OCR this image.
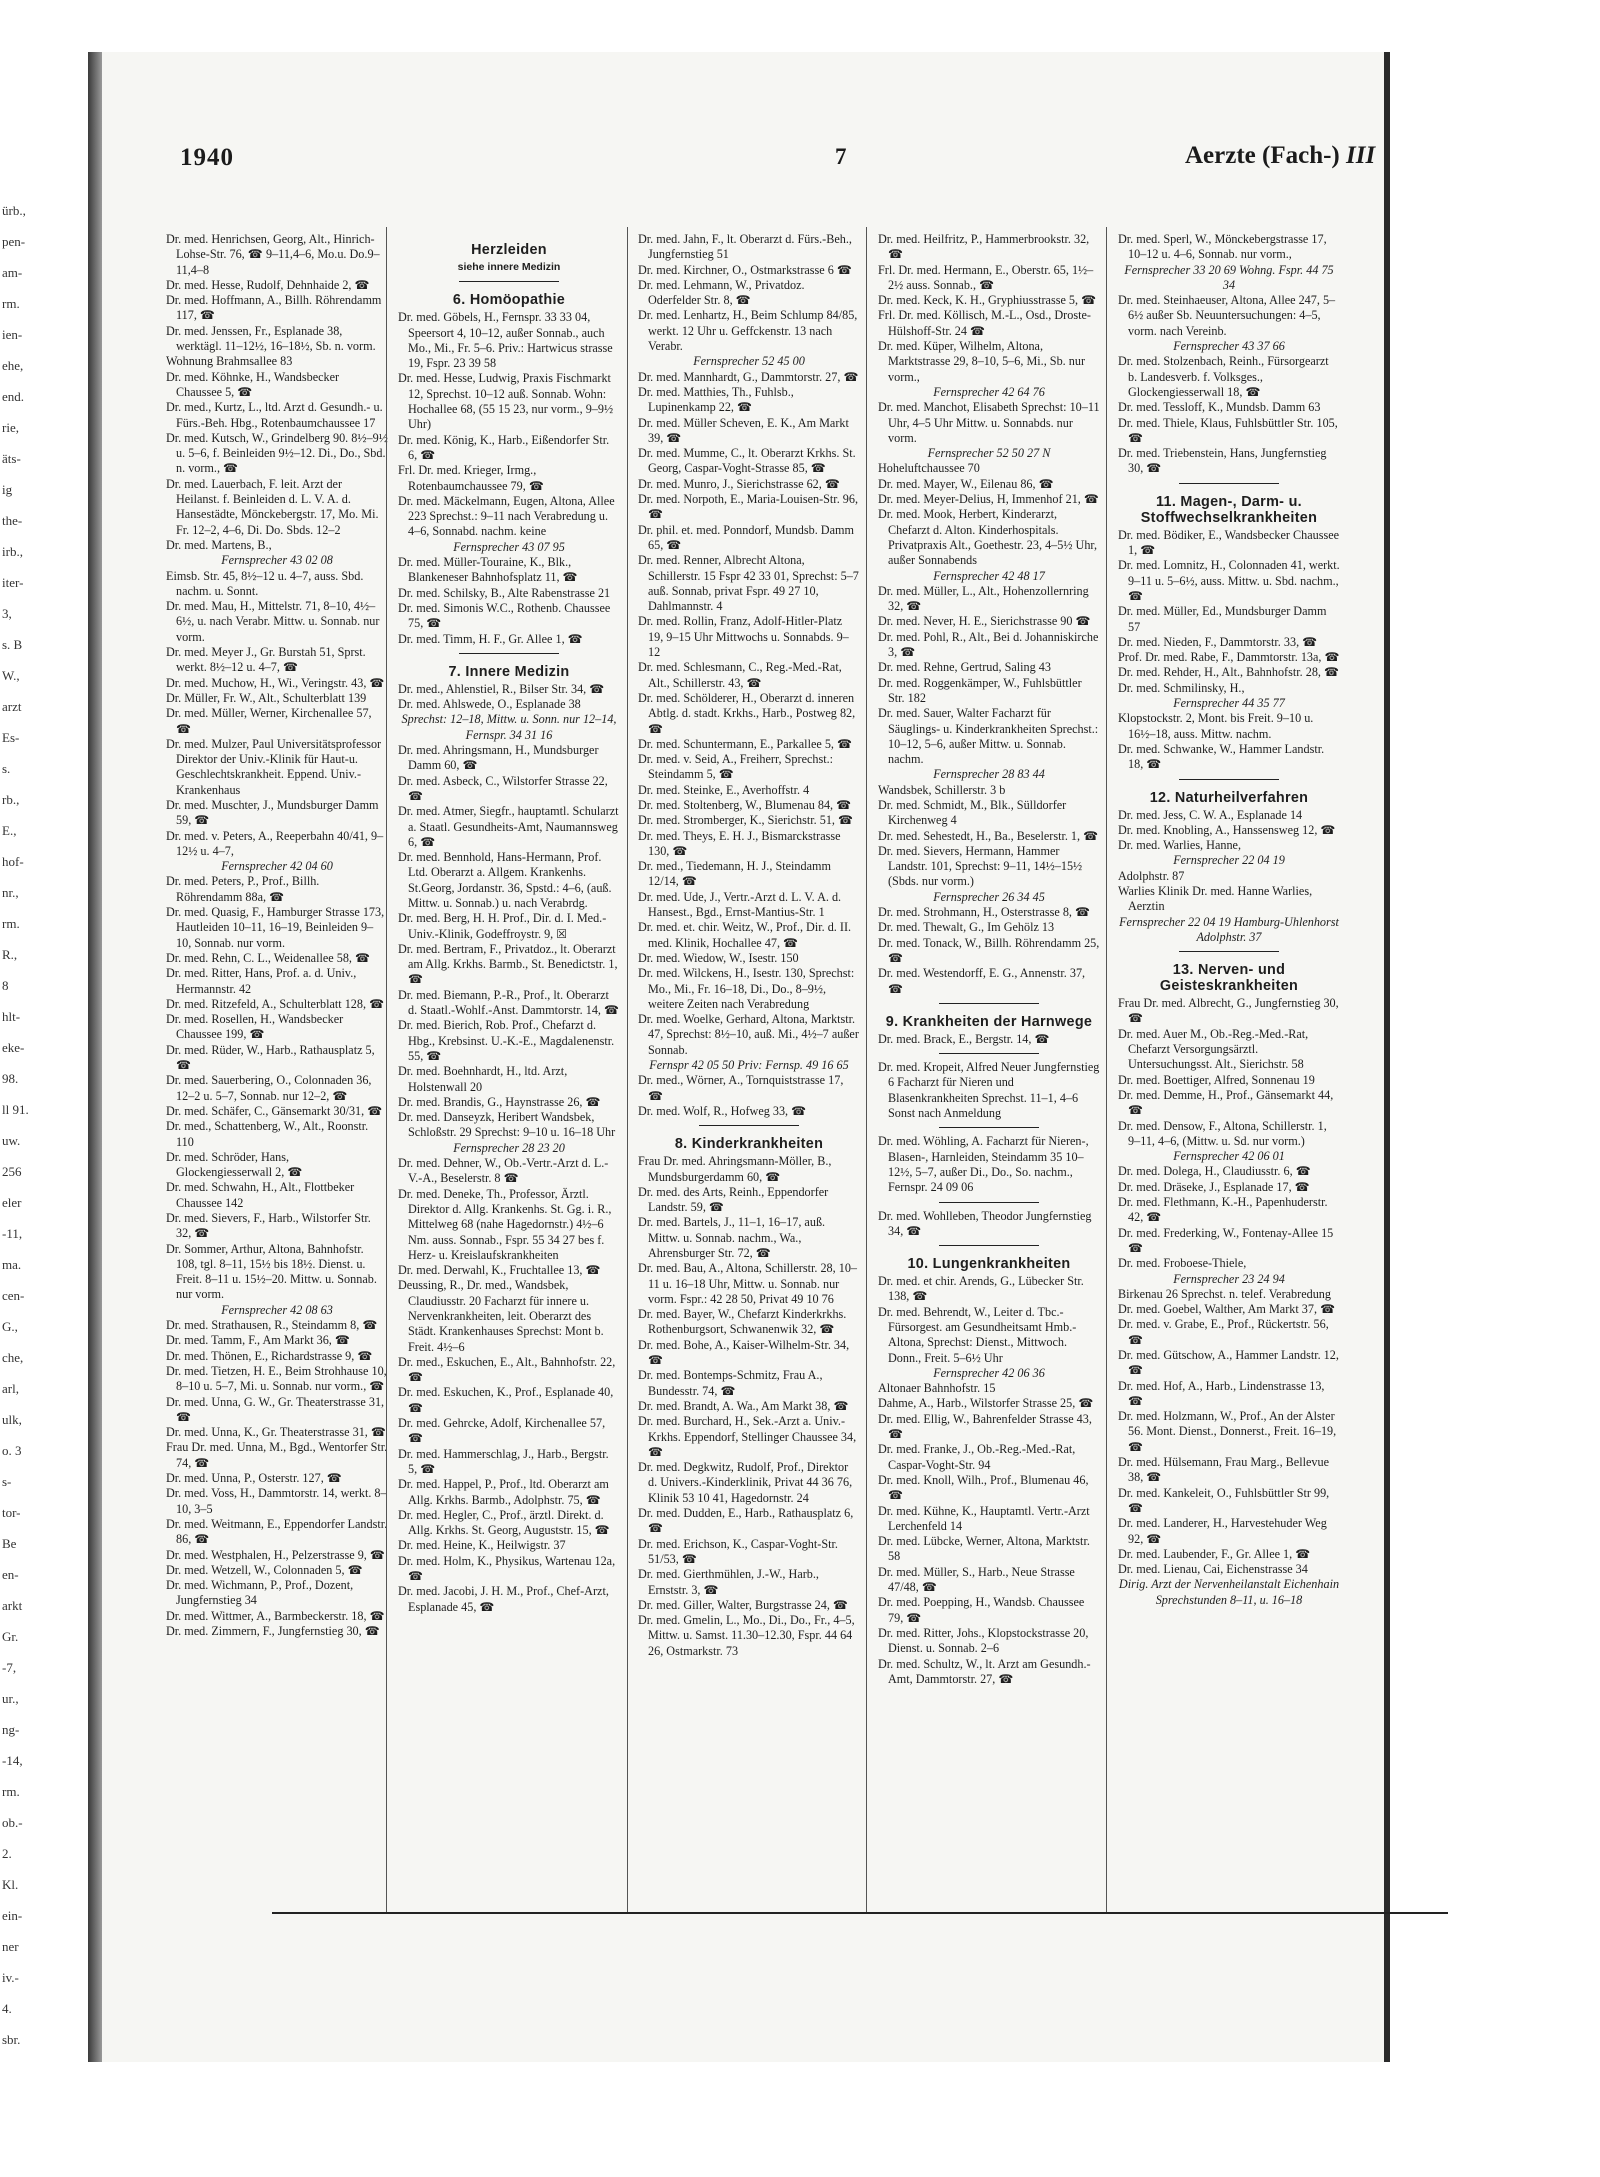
ürb.,
pen-
am-
rm.
ien-
ehe,
end.
rie,
äts-
ig
the-
irb.,
iter-
3,
s. B
W.,
arzt
Es-
s.
rb.,
E.,
hof-
nr.,
rm.
R.,
8
hlt-
eke-
98.
ll 91.
uw.
256
eler
-11,
ma.
cen-
G.,
che,
arl,
ulk,
o. 3
s-
tor-
Be
en-
arkt
Gr.
-7,
ur.,
ng-
-14,
rm.
ob.-
2.
Kl.
ein-
ner
iv.-
4.
sbr.
1940	7	Aerzte (Fach-) III
Dr. med. Henrichsen, Georg, Alt., Hinrich-Lohse-Str. 76, ☎ 9–11,4–6, Mo.u. Do.9–11,4–8
Dr. med. Hesse, Rudolf, Dehnhaide 2, ☎
Dr. med. Hoffmann, A., Billh. Röhrendamm 117, ☎
Dr. med. Jenssen, Fr., Esplanade 38, werktägl. 11–12½, 16–18½, Sb. n. vorm.
Wohnung Brahmsallee 83
Dr. med. Köhnke, H., Wandsbecker Chaussee 5, ☎
Dr. med., Kurtz, L., ltd. Arzt d. Gesundh.- u. Fürs.-Beh. Hbg., Rotenbaumchaussee 17
Dr. med. Kutsch, W., Grindelberg 90. 8½–9½ u. 5–6, f. Beinleiden 9½–12. Di., Do., Sbd. n. vorm., ☎
Dr. med. Lauerbach, F. leit. Arzt der Heilanst. f. Beinleiden d. L. V. A. d. Hansestädte, Mönckebergstr. 17, Mo. Mi. Fr. 12–2, 4–6, Di. Do. Sbds. 12–2
Dr. med. Martens, B.,
Fernsprecher 43 02 08
Eimsb. Str. 45, 8½–12 u. 4–7, auss. Sbd. nachm. u. Sonnt.
Dr. med. Mau, H., Mittelstr. 71, 8–10, 4½–6½, u. nach Verabr. Mittw. u. Sonnab. nur vorm.
Dr. med. Meyer J., Gr. Burstah 51, Sprst. werkt. 8½–12 u. 4–7, ☎
Dr. med. Muchow, H., Wi., Veringstr. 43, ☎
Dr. Müller, Fr. W., Alt., Schulterblatt 139
Dr. med. Müller, Werner, Kirchenallee 57, ☎
Dr. med. Mulzer, Paul Universitätsprofessor Direktor der Univ.-Klinik für Haut-u. Geschlechtskrankheit. Eppend. Univ.-Krankenhaus
Dr. med. Muschter, J., Mundsburger Damm 59, ☎
Dr. med. v. Peters, A., Reeperbahn 40/41, 9–12½ u. 4–7,
Fernsprecher 42 04 60
Dr. med. Peters, P., Prof., Billh. Röhrendamm 88a, ☎
Dr. med. Quasig, F., Hamburger Strasse 173, Hautleiden 10–11, 16–19, Beinleiden 9–10, Sonnab. nur vorm.
Dr. med. Rehn, C. L., Weidenallee 58, ☎
Dr. med. Ritter, Hans, Prof. a. d. Univ., Hermannstr. 42
Dr. med. Ritzefeld, A., Schulterblatt 128, ☎
Dr. med. Rosellen, H., Wandsbecker Chaussee 199, ☎
Dr. med. Rüder, W., Harb., Rathausplatz 5, ☎
Dr. med. Sauerbering, O., Colonnaden 36, 12–2 u. 5–7, Sonnab. nur 12–2, ☎
Dr. med. Schäfer, C., Gänsemarkt 30/31, ☎
Dr. med., Schattenberg, W., Alt., Roonstr. 110
Dr. med. Schröder, Hans, Glockengiesserwall 2, ☎
Dr. med. Schwahn, H., Alt., Flottbeker Chaussee 142
Dr. med. Sievers, F., Harb., Wilstorfer Str. 32, ☎
Dr. Sommer, Arthur, Altona, Bahnhofstr. 108, tgl. 8–11, 15½ bis 18½. Dienst. u. Freit. 8–11 u. 15½–20. Mittw. u. Sonnab. nur vorm.
Fernsprecher 42 08 63
Dr. med. Strathausen, R., Steindamm 8, ☎
Dr. med. Tamm, F., Am Markt 36, ☎
Dr. med. Thönen, E., Richardstrasse 9, ☎
Dr. med. Tietzen, H. E., Beim Strohhause 10, 8–10 u. 5–7, Mi. u. Sonnab. nur vorm., ☎
Dr. med. Unna, G. W., Gr. Theaterstrasse 31, ☎
Dr. med. Unna, K., Gr. Theaterstrasse 31, ☎
Frau Dr. med. Unna, M., Bgd., Wentorfer Str. 74, ☎
Dr. med. Unna, P., Osterstr. 127, ☎
Dr. med. Voss, H., Dammtorstr. 14, werkt. 8–10, 3–5
Dr. med. Weitmann, E., Eppendorfer Landstr. 86, ☎
Dr. med. Westphalen, H., Pelzerstrasse 9, ☎
Dr. med. Wetzell, W., Colonnaden 5, ☎
Dr. med. Wichmann, P., Prof., Dozent, Jungfernstieg 34
Dr. med. Wittmer, A., Barmbeckerstr. 18, ☎
Dr. med. Zimmern, F., Jungfernstieg 30, ☎
Herzleiden
siehe innere Medizin
6. Homöopathie
Dr. med. Göbels, H., Fernspr. 33 33 04, Speersort 4, 10–12, außer Sonnab., auch Mo., Mi., Fr. 5–6. Priv.: Hartwicus strasse 19, Fspr. 23 39 58
Dr. med. Hesse, Ludwig, Praxis Fischmarkt 12, Sprechst. 10–12 auß. Sonnab. Wohn: Hochallee 68, (55 15 23, nur vorm., 9–9½ Uhr)
Dr. med. König, K., Harb., Eißendorfer Str. 6, ☎
Frl. Dr. med. Krieger, Irmg., Rotenbaumchaussee 79, ☎
Dr. med. Mäckelmann, Eugen, Altona, Allee 223 Sprechst.: 9–11 nach Verabredung u. 4–6, Sonnabd. nachm. keine
Fernsprecher 43 07 95
Dr. med. Müller-Touraine, K., Blk., Blankeneser Bahnhofsplatz 11, ☎
Dr. med. Schilsky, B., Alte Rabenstrasse 21
Dr. med. Simonis W.C., Rothenb. Chaussee 75, ☎
Dr. med. Timm, H. F., Gr. Allee 1, ☎
7. Innere Medizin
Dr. med., Ahlenstiel, R., Bilser Str. 34, ☎
Dr. med. Ahlswede, O., Esplanade 38
Sprechst: 12–18, Mittw. u. Sonn. nur 12–14, Fernspr. 34 31 16
Dr. med. Ahringsmann, H., Mundsburger Damm 60, ☎
Dr. med. Asbeck, C., Wilstorfer Strasse 22, ☎
Dr. med. Atmer, Siegfr., hauptamtl. Schularzt a. Staatl. Gesundheits-Amt, Naumannsweg 6, ☎
Dr. med. Bennhold, Hans-Hermann, Prof. Ltd. Oberarzt a. Allgem. Krankenhs. St.Georg, Jordanstr. 36, Spstd.: 4–6, (auß. Mittw. u. Sonnab.) u. nach Verabrdg.
Dr. med. Berg, H. H. Prof., Dir. d. I. Med.-Univ.-Klinik, Godeffroystr. 9, ☒
Dr. med. Bertram, F., Privatdoz., lt. Oberarzt am Allg. Krkhs. Barmb., St. Benedictstr. 1, ☎
Dr. med. Biemann, P.-R., Prof., lt. Oberarzt d. Staatl.-Wohlf.-Anst. Dammtorstr. 14, ☎
Dr. med. Bierich, Rob. Prof., Chefarzt d. Hbg., Krebsinst. U.-K.-E., Magdalenenstr. 55, ☎
Dr. med. Boehnhardt, H., ltd. Arzt, Holstenwall 20
Dr. med. Brandis, G., Haynstrasse 26, ☎
Dr. med. Danseyzk, Heribert Wandsbek, Schloßstr. 29 Sprechst: 9–10 u. 16–18 Uhr
Fernsprecher 28 23 20
Dr. med. Dehner, W., Ob.-Vertr.-Arzt d. L.-V.-A., Beselerstr. 8 ☎
Dr. med. Deneke, Th., Professor, Ärztl. Direktor d. Allg. Krankenhs. St. Gg. i. R., Mittelweg 68 (nahe Hagedornstr.) 4½–6 Nm. auss. Sonnab., Fspr. 55 34 27 bes f. Herz- u. Kreislaufskrankheiten
Dr. med. Derwahl, K., Fruchtallee 13, ☎
Deussing, R., Dr. med., Wandsbek, Claudiusstr. 20 Facharzt für innere u. Nervenkrankheiten, leit. Oberarzt des Städt. Krankenhauses Sprechst: Mont b. Freit. 4½–6
Dr. med., Eskuchen, E., Alt., Bahnhofstr. 22, ☎
Dr. med. Eskuchen, K., Prof., Esplanade 40, ☎
Dr. med. Gehrcke, Adolf, Kirchenallee 57, ☎
Dr. med. Hammerschlag, J., Harb., Bergstr. 5, ☎
Dr. med. Happel, P., Prof., ltd. Oberarzt am Allg. Krkhs. Barmb., Adolphstr. 75, ☎
Dr. med. Hegler, C., Prof., ärztl. Direkt. d. Allg. Krkhs. St. Georg, Auguststr. 15, ☎
Dr. med. Heine, K., Heilwigstr. 37
Dr. med. Holm, K., Physikus, Wartenau 12a, ☎
Dr. med. Jacobi, J. H. M., Prof., Chef-Arzt, Esplanade 45, ☎
Dr. med. Jahn, F., lt. Oberarzt d. Fürs.-Beh., Jungfernstieg 51
Dr. med. Kirchner, O., Ostmarkstrasse 6 ☎
Dr. med. Lehmann, W., Privatdoz. Oderfelder Str. 8, ☎
Dr. med. Lenhartz, H., Beim Schlump 84/85, werkt. 12 Uhr u. Geffckenstr. 13 nach Verabr.
Fernsprecher 52 45 00
Dr. med. Mannhardt, G., Dammtorstr. 27, ☎
Dr. med. Matthies, Th., Fuhlsb., Lupinenkamp 22, ☎
Dr. med. Müller Scheven, E. K., Am Markt 39, ☎
Dr. med. Mumme, C., lt. Oberarzt Krkhs. St. Georg, Caspar-Voght-Strasse 85, ☎
Dr. med. Munro, J., Sierichstrasse 62, ☎
Dr. med. Norpoth, E., Maria-Louisen-Str. 96, ☎
Dr. phil. et. med. Ponndorf, Mundsb. Damm 65, ☎
Dr. med. Renner, Albrecht Altona, Schillerstr. 15 Fspr 42 33 01, Sprechst: 5–7 auß. Sonnab, privat Fspr. 49 27 10, Dahlmannstr. 4
Dr. med. Rollin, Franz, Adolf-Hitler-Platz 19, 9–15 Uhr Mittwochs u. Sonnabds. 9–12
Dr. med. Schlesmann, C., Reg.-Med.-Rat, Alt., Schillerstr. 43, ☎
Dr. med. Schölderer, H., Oberarzt d. inneren Abtlg. d. stadt. Krkhs., Harb., Postweg 82, ☎
Dr. med. Schuntermann, E., Parkallee 5, ☎
Dr. med. v. Seid, A., Freiherr, Sprechst.: Steindamm 5, ☎
Dr. med. Steinke, E., Averhoffstr. 4
Dr. med. Stoltenberg, W., Blumenau 84, ☎
Dr. med. Stromberger, K., Sierichstr. 51, ☎
Dr. med. Theys, E. H. J., Bismarckstrasse 130, ☎
Dr. med., Tiedemann, H. J., Steindamm 12/14, ☎
Dr. med. Ude, J., Vertr.-Arzt d. L. V. A. d. Hansest., Bgd., Ernst-Mantius-Str. 1
Dr. med. et. chir. Weitz, W., Prof., Dir. d. II. med. Klinik, Hochallee 47, ☎
Dr. med. Wiedow, W., Isestr. 150
Dr. med. Wilckens, H., Isestr. 130, Sprechst: Mo., Mi., Fr. 16–18, Di., Do., 8–9½, weitere Zeiten nach Verabredung
Dr. med. Woelke, Gerhard, Altona, Marktstr. 47, Sprechst: 8½–10, auß. Mi., 4½–7 außer Sonnab.
Fernspr 42 05 50 Priv: Fernsp. 49 16 65
Dr. med., Wörner, A., Tornquiststrasse 17, ☎
Dr. med. Wolf, R., Hofweg 33, ☎
8. Kinderkrankheiten
Frau Dr. med. Ahringsmann-Möller, B., Mundsburgerdamm 60, ☎
Dr. med. des Arts, Reinh., Eppendorfer Landstr. 59, ☎
Dr. med. Bartels, J., 11–1, 16–17, auß. Mittw. u. Sonnab. nachm., Wa., Ahrensburger Str. 72, ☎
Dr. med. Bau, A., Altona, Schillerstr. 28, 10–11 u. 16–18 Uhr, Mittw. u. Sonnab. nur vorm. Fspr.: 42 28 50, Privat 49 10 76
Dr. med. Bayer, W., Chefarzt Kinderkrkhs. Rothenburgsort, Schwanenwik 32, ☎
Dr. med. Bohe, A., Kaiser-Wilhelm-Str. 34, ☎
Dr. med. Bontemps-Schmitz, Frau A., Bundesstr. 74, ☎
Dr. med. Brandt, A. Wa., Am Markt 38, ☎
Dr. med. Burchard, H., Sek.-Arzt a. Univ.-Krkhs. Eppendorf, Stellinger Chaussee 34, ☎
Dr. med. Degkwitz, Rudolf, Prof., Direktor d. Univers.-Kinderklinik, Privat 44 36 76, Klinik 53 10 41, Hagedornstr. 24
Dr. med. Dudden, E., Harb., Rathausplatz 6, ☎
Dr. med. Erichson, K., Caspar-Voght-Str. 51/53, ☎
Dr. med. Gierthmühlen, J.-W., Harb., Ernststr. 3, ☎
Dr. med. Giller, Walter, Burgstrasse 24, ☎
Dr. med. Gmelin, L., Mo., Di., Do., Fr., 4–5, Mittw. u. Samst. 11.30–12.30, Fspr. 44 64 26, Ostmarkstr. 73
Dr. med. Heilfritz, P., Hammerbrookstr. 32, ☎
Frl. Dr. med. Hermann, E., Oberstr. 65, 1½–2½ auss. Sonnab., ☎
Dr. med. Keck, K. H., Gryphiusstrasse 5, ☎
Frl. Dr. med. Köllisch, M.-L., Osd., Droste-Hülshoff-Str. 24 ☎
Dr. med. Küper, Wilhelm, Altona, Marktstrasse 29, 8–10, 5–6, Mi., Sb. nur vorm.,
Fernsprecher 42 64 76
Dr. med. Manchot, Elisabeth Sprechst: 10–11 Uhr, 4–5 Uhr Mittw. u. Sonnabds. nur vorm.
Fernsprecher 52 50 27 N
Hoheluftchaussee 70
Dr. med. Mayer, W., Eilenau 86, ☎
Dr. med. Meyer-Delius, H, Immenhof 21, ☎
Dr. med. Mook, Herbert, Kinderarzt, Chefarzt d. Alton. Kinderhospitals. Privatpraxis Alt., Goethestr. 23, 4–5½ Uhr, außer Sonnabends
Fernsprecher 42 48 17
Dr. med. Müller, L., Alt., Hohenzollernring 32, ☎
Dr. med. Never, H. E., Sierichstrasse 90 ☎
Dr. med. Pohl, R., Alt., Bei d. Johanniskirche 3, ☎
Dr. med. Rehne, Gertrud, Saling 43
Dr. med. Roggenkämper, W., Fuhlsbüttler Str. 182
Dr. med. Sauer, Walter Facharzt für Säuglings- u. Kinderkrankheiten Sprechst.: 10–12, 5–6, außer Mittw. u. Sonnab. nachm.
Fernsprecher 28 83 44
Wandsbek, Schillerstr. 3 b
Dr. med. Schmidt, M., Blk., Sülldorfer Kirchenweg 4
Dr. med. Sehestedt, H., Ba., Beselerstr. 1, ☎
Dr. med. Sievers, Hermann, Hammer Landstr. 101, Sprechst: 9–11, 14½–15½ (Sbds. nur vorm.)
Fernsprecher 26 34 45
Dr. med. Strohmann, H., Osterstrasse 8, ☎
Dr. med. Thewalt, G., Im Gehölz 13
Dr. med. Tonack, W., Billh. Röhrendamm 25, ☎
Dr. med. Westendorff, E. G., Annenstr. 37, ☎
9. Krankheiten der Harnwege
Dr. med. Brack, E., Bergstr. 14, ☎
Dr. med. Kropeit, Alfred Neuer Jungfernstieg 6 Facharzt für Nieren und Blasenkrankheiten Sprechst. 11–1, 4–6 Sonst nach Anmeldung
Dr. med. Wöhling, A. Facharzt für Nieren-, Blasen-, Harnleiden, Steindamm 35 10–12½, 5–7, außer Di., Do., So. nachm., Fernspr. 24 09 06
Dr. med. Wohlleben, Theodor Jungfernstieg 34, ☎
10. Lungenkrankheiten
Dr. med. et chir. Arends, G., Lübecker Str. 138, ☎
Dr. med. Behrendt, W., Leiter d. Tbc.-Fürsorgest. am Gesundheitsamt Hmb.-Altona, Sprechst: Dienst., Mittwoch. Donn., Freit. 5–6½ Uhr
Fernsprecher 42 06 36
Altonaer Bahnhofstr. 15
Dahme, A., Harb., Wilstorfer Strasse 25, ☎
Dr. med. Ellig, W., Bahrenfelder Strasse 43, ☎
Dr. med. Franke, J., Ob.-Reg.-Med.-Rat, Caspar-Voght-Str. 94
Dr. med. Knoll, Wilh., Prof., Blumenau 46, ☎
Dr. med. Kühne, K., Hauptamtl. Vertr.-Arzt Lerchenfeld 14
Dr. med. Lübcke, Werner, Altona, Marktstr. 58
Dr. med. Müller, S., Harb., Neue Strasse 47/48, ☎
Dr. med. Poepping, H., Wandsb. Chaussee 79, ☎
Dr. med. Ritter, Johs., Klopstockstrasse 20, Dienst. u. Sonnab. 2–6
Dr. med. Schultz, W., lt. Arzt am Gesundh.-Amt, Dammtorstr. 27, ☎
Dr. med. Sperl, W., Mönckebergstrasse 17, 10–12 u. 4–6, Sonnab. nur vorm.,
Fernsprecher 33 20 69 Wohng. Fspr. 44 75 34
Dr. med. Steinhaeuser, Altona, Allee 247, 5–6½ außer Sb. Neuuntersuchungen: 4–5, vorm. nach Vereinb.
Fernsprecher 43 37 66
Dr. med. Stolzenbach, Reinh., Fürsorgearzt b. Landesverb. f. Volksges., Glockengiesserwall 18, ☎
Dr. med. Tessloff, K., Mundsb. Damm 63
Dr. med. Thiele, Klaus, Fuhlsbüttler Str. 105, ☎
Dr. med. Triebenstein, Hans, Jungfernstieg 30, ☎
11. Magen-, Darm- u. Stoffwechselkrankheiten
Dr. med. Bödiker, E., Wandsbecker Chaussee 1, ☎
Dr. med. Lomnitz, H., Colonnaden 41, werkt. 9–11 u. 5–6½, auss. Mittw. u. Sbd. nachm., ☎
Dr. med. Müller, Ed., Mundsburger Damm 57
Dr. med. Nieden, F., Dammtorstr. 33, ☎
Prof. Dr. med. Rabe, F., Dammtorstr. 13a, ☎
Dr. med. Rehder, H., Alt., Bahnhofstr. 28, ☎
Dr. med. Schmilinsky, H.,
Fernsprecher 44 35 77
Klopstockstr. 2, Mont. bis Freit. 9–10 u. 16½–18, auss. Mittw. nachm.
Dr. med. Schwanke, W., Hammer Landstr. 18, ☎
12. Naturheilverfahren
Dr. med. Jess, C. W. A., Esplanade 14
Dr. med. Knobling, A., Hanssensweg 12, ☎
Dr. med. Warlies, Hanne,
Fernsprecher 22 04 19
Adolphstr. 87
Warlies Klinik Dr. med. Hanne Warlies, Aerztin
Fernsprecher 22 04 19 Hamburg-Uhlenhorst Adolphstr. 37
13. Nerven- und Geisteskrankheiten
Frau Dr. med. Albrecht, G., Jungfernstieg 30, ☎
Dr. med. Auer M., Ob.-Reg.-Med.-Rat, Chefarzt Versorgungsärztl. Untersuchungsst. Alt., Sierichstr. 58
Dr. med. Boettiger, Alfred, Sonnenau 19
Dr. med. Demme, H., Prof., Gänsemarkt 44, ☎
Dr. med. Densow, F., Altona, Schillerstr. 1, 9–11, 4–6, (Mittw. u. Sd. nur vorm.)
Fernsprecher 42 06 01
Dr. med. Dolega, H., Claudiusstr. 6, ☎
Dr. med. Dräseke, J., Esplanade 17, ☎
Dr. med. Flethmann, K.-H., Papenhuderstr. 42, ☎
Dr. med. Frederking, W., Fontenay-Allee 15 ☎
Dr. med. Froboese-Thiele,
Fernsprecher 23 24 94
Birkenau 26 Sprechst. n. telef. Verabredung
Dr. med. Goebel, Walther, Am Markt 37, ☎
Dr. med. v. Grabe, E., Prof., Rückertstr. 56, ☎
Dr. med. Gütschow, A., Hammer Landstr. 12, ☎
Dr. med. Hof, A., Harb., Lindenstrasse 13, ☎
Dr. med. Holzmann, W., Prof., An der Alster 56. Mont. Dienst., Donnerst., Freit. 16–19, ☎
Dr. med. Hülsemann, Frau Marg., Bellevue 38, ☎
Dr. med. Kankeleit, O., Fuhlsbüttler Str 99, ☎
Dr. med. Landerer, H., Harvestehuder Weg 92, ☎
Dr. med. Laubender, F., Gr. Allee 1, ☎
Dr. med. Lienau, Cai, Eichenstrasse 34
Dirig. Arzt der Nervenheilanstalt Eichenhain Sprechstunden 8–11, u. 16–18
